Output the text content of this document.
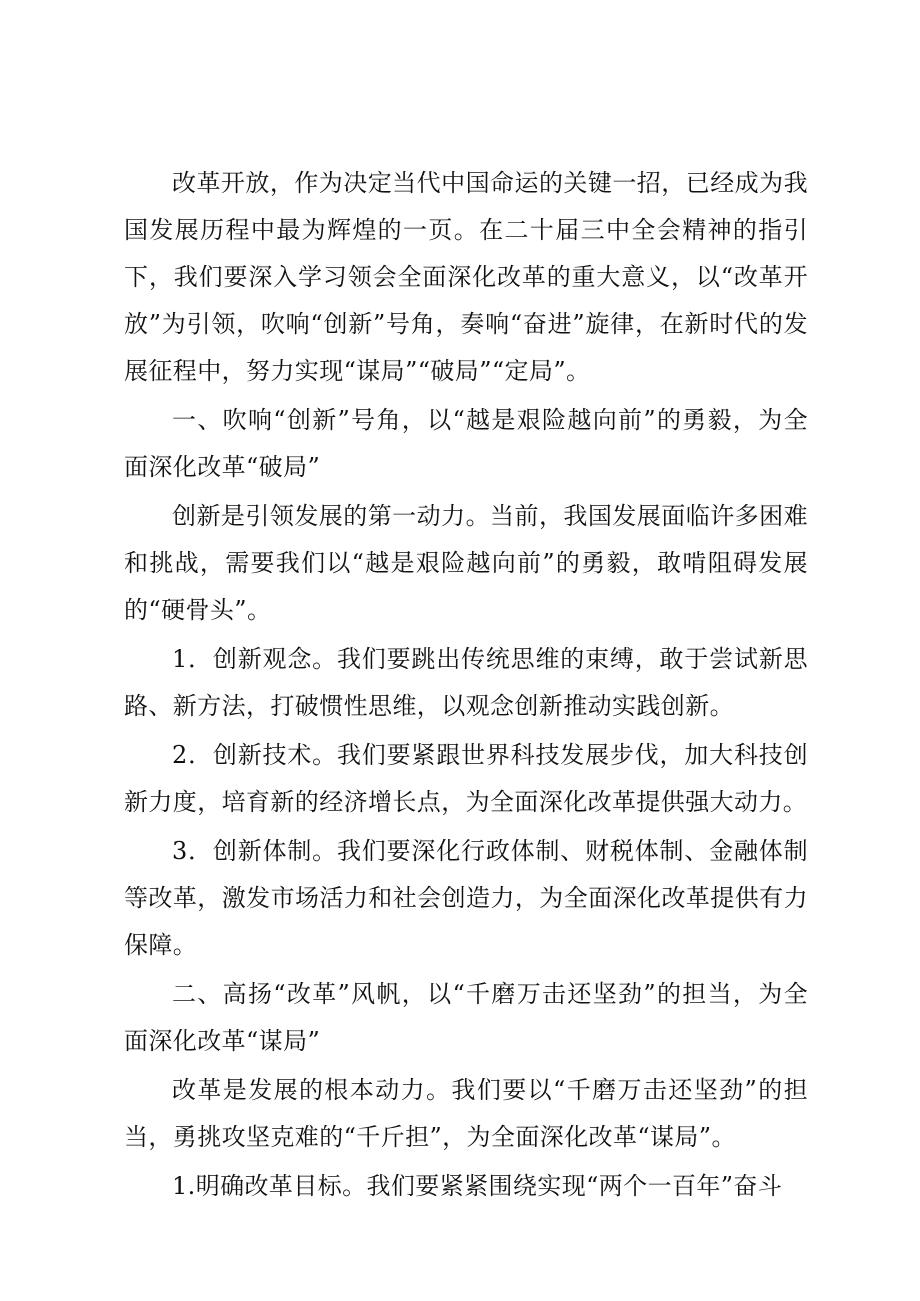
改革开放，作为决定当代中国命运的关键一招，已经成为我国发展历程中最为辉煌的一页。在二十届三中全会精神的指引下，我们要深入学习领会全面深化改革的重大意义，以“改革开放”为引领，吹响“创新”号角，奏响“奋进”旋律，在新时代的发展征程中，努力实现“谋局”“破局”“定局”。

一、吹响“创新”号角，以“越是艰险越向前”的勇毅，为全面深化改革“破局”

创新是引领发展的第一动力。当前，我国发展面临许多困难和挑战，需要我们以“越是艰险越向前”的勇毅，敢啃阻碍发展的“硬骨头”。

1．创新观念。我们要跳出传统思维的束缚，敢于尝试新思路、新方法，打破惯性思维，以观念创新推动实践创新。

2．创新技术。我们要紧跟世界科技发展步伐，加大科技创新力度，培育新的经济增长点，为全面深化改革提供强大动力。

3．创新体制。我们要深化行政体制、财税体制、金融体制等改革，激发市场活力和社会创造力，为全面深化改革提供有力保障。

二、高扬“改革”风帆，以“千磨万击还坚劲”的担当，为全面深化改革“谋局”

改革是发展的根本动力。我们要以“千磨万击还坚劲”的担当，勇挑攻坚克难的“千斤担”，为全面深化改革“谋局”。

1.明确改革目标。我们要紧紧围绕实现“两个一百年”奋斗
